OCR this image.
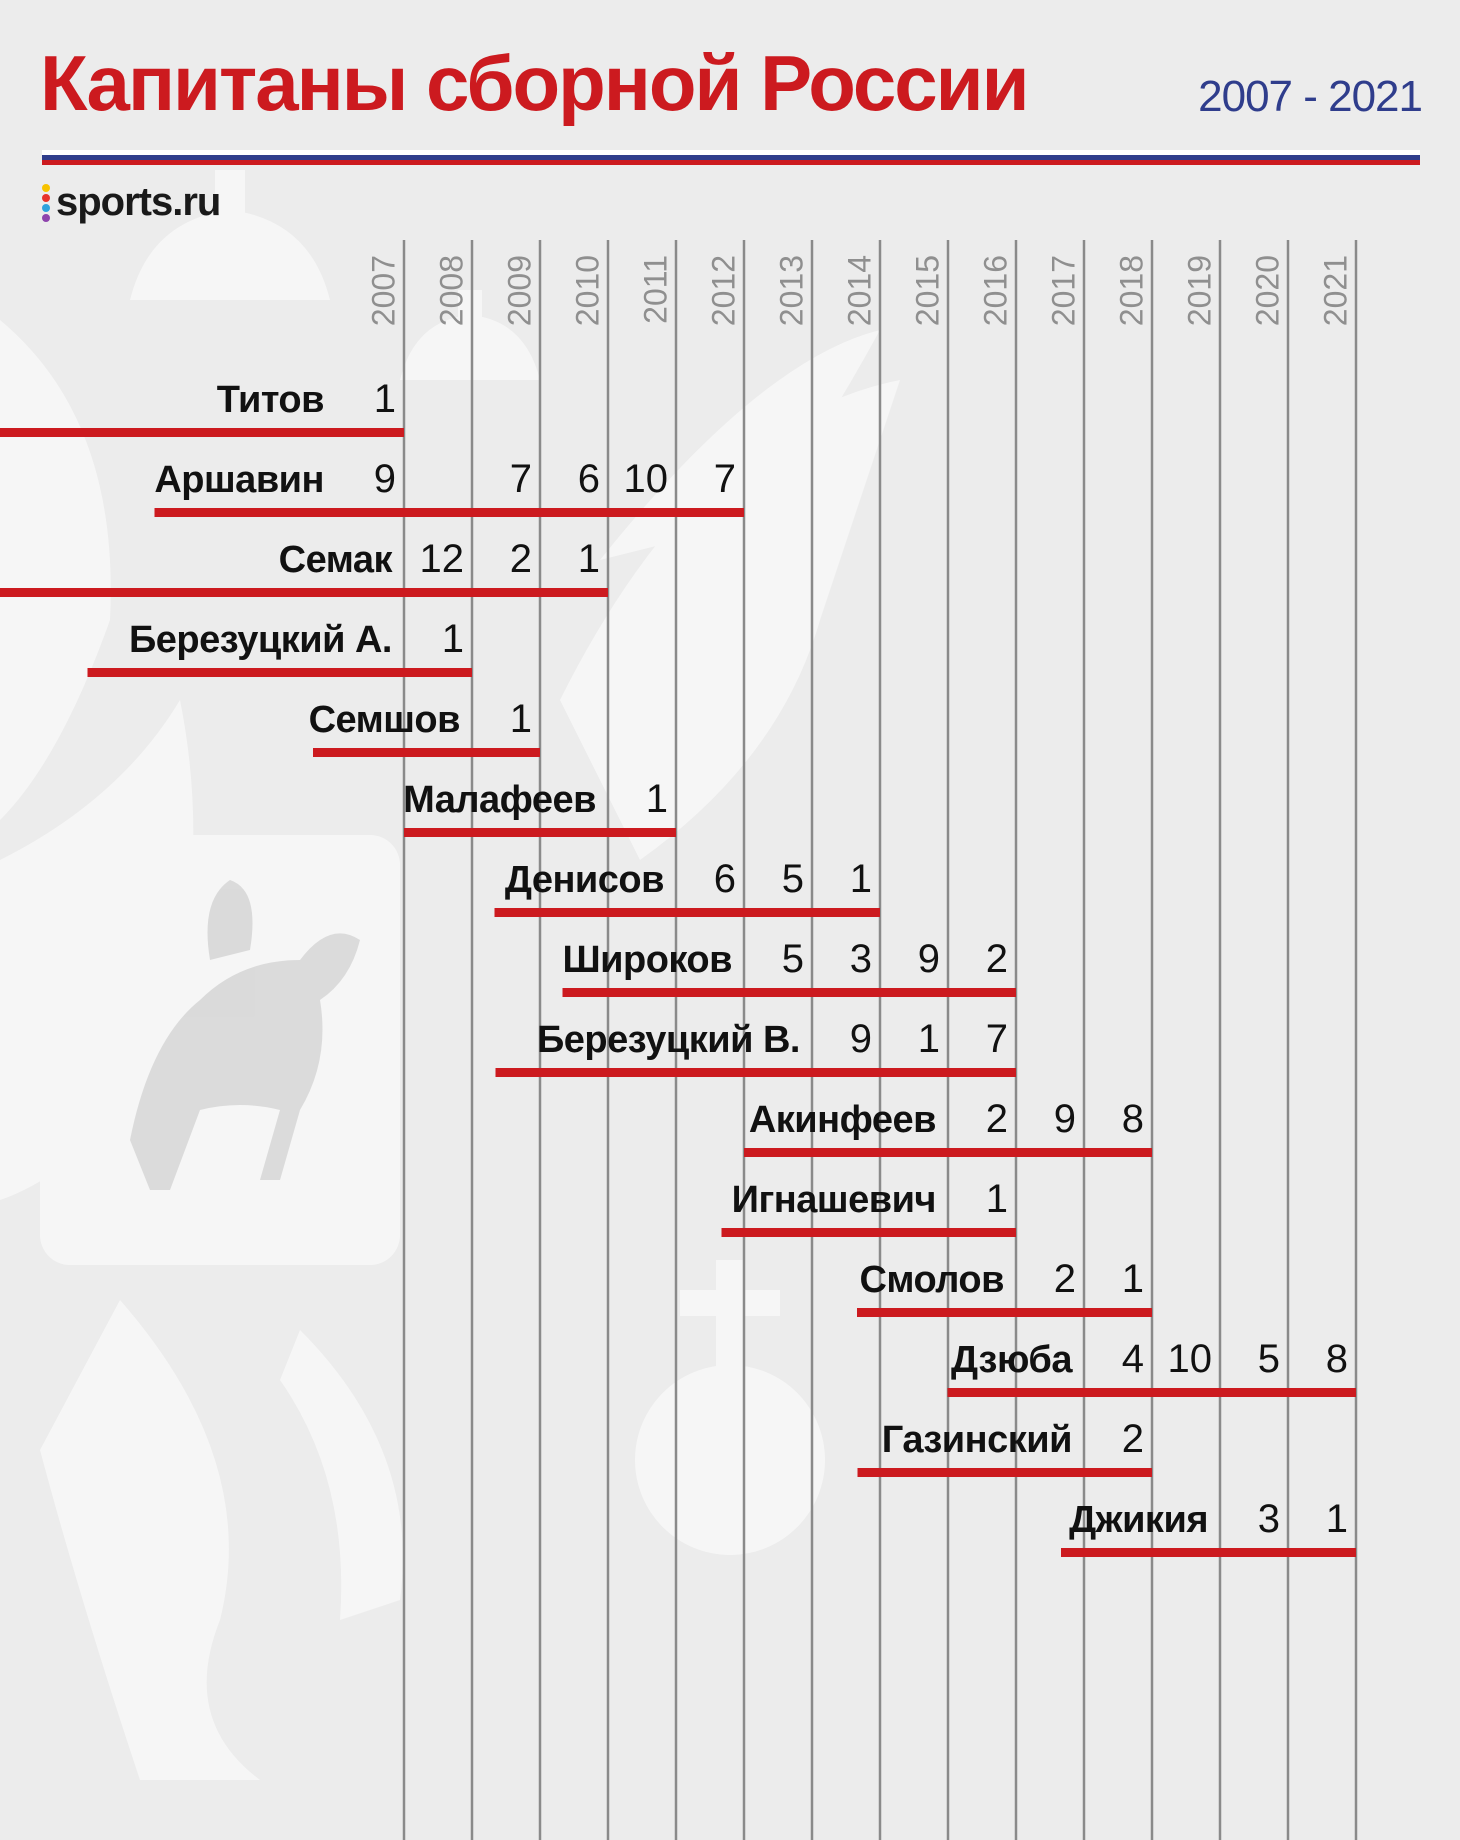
Капитаны сборной России	2007 - 2021
sports.ru
2007 2008 2009 2010 2011 2012 2013 2014 2015 2016 2017 2018 2019 2020 2021
Титов
Аршавин
Семак
Березуцкий А.
Семшов
Малафеев
Денисов
Широков
Березуцкий В.
Акинфеев
Игнашевич
Смолов
Дзюба
Газинский
Джикия
1
9	7 6 10 7
12 2 1
1
1
1
6 5 1
5 3 9 2
9 1 7
2 9 8
1
2 1
4 10 5 8
2
3 1
